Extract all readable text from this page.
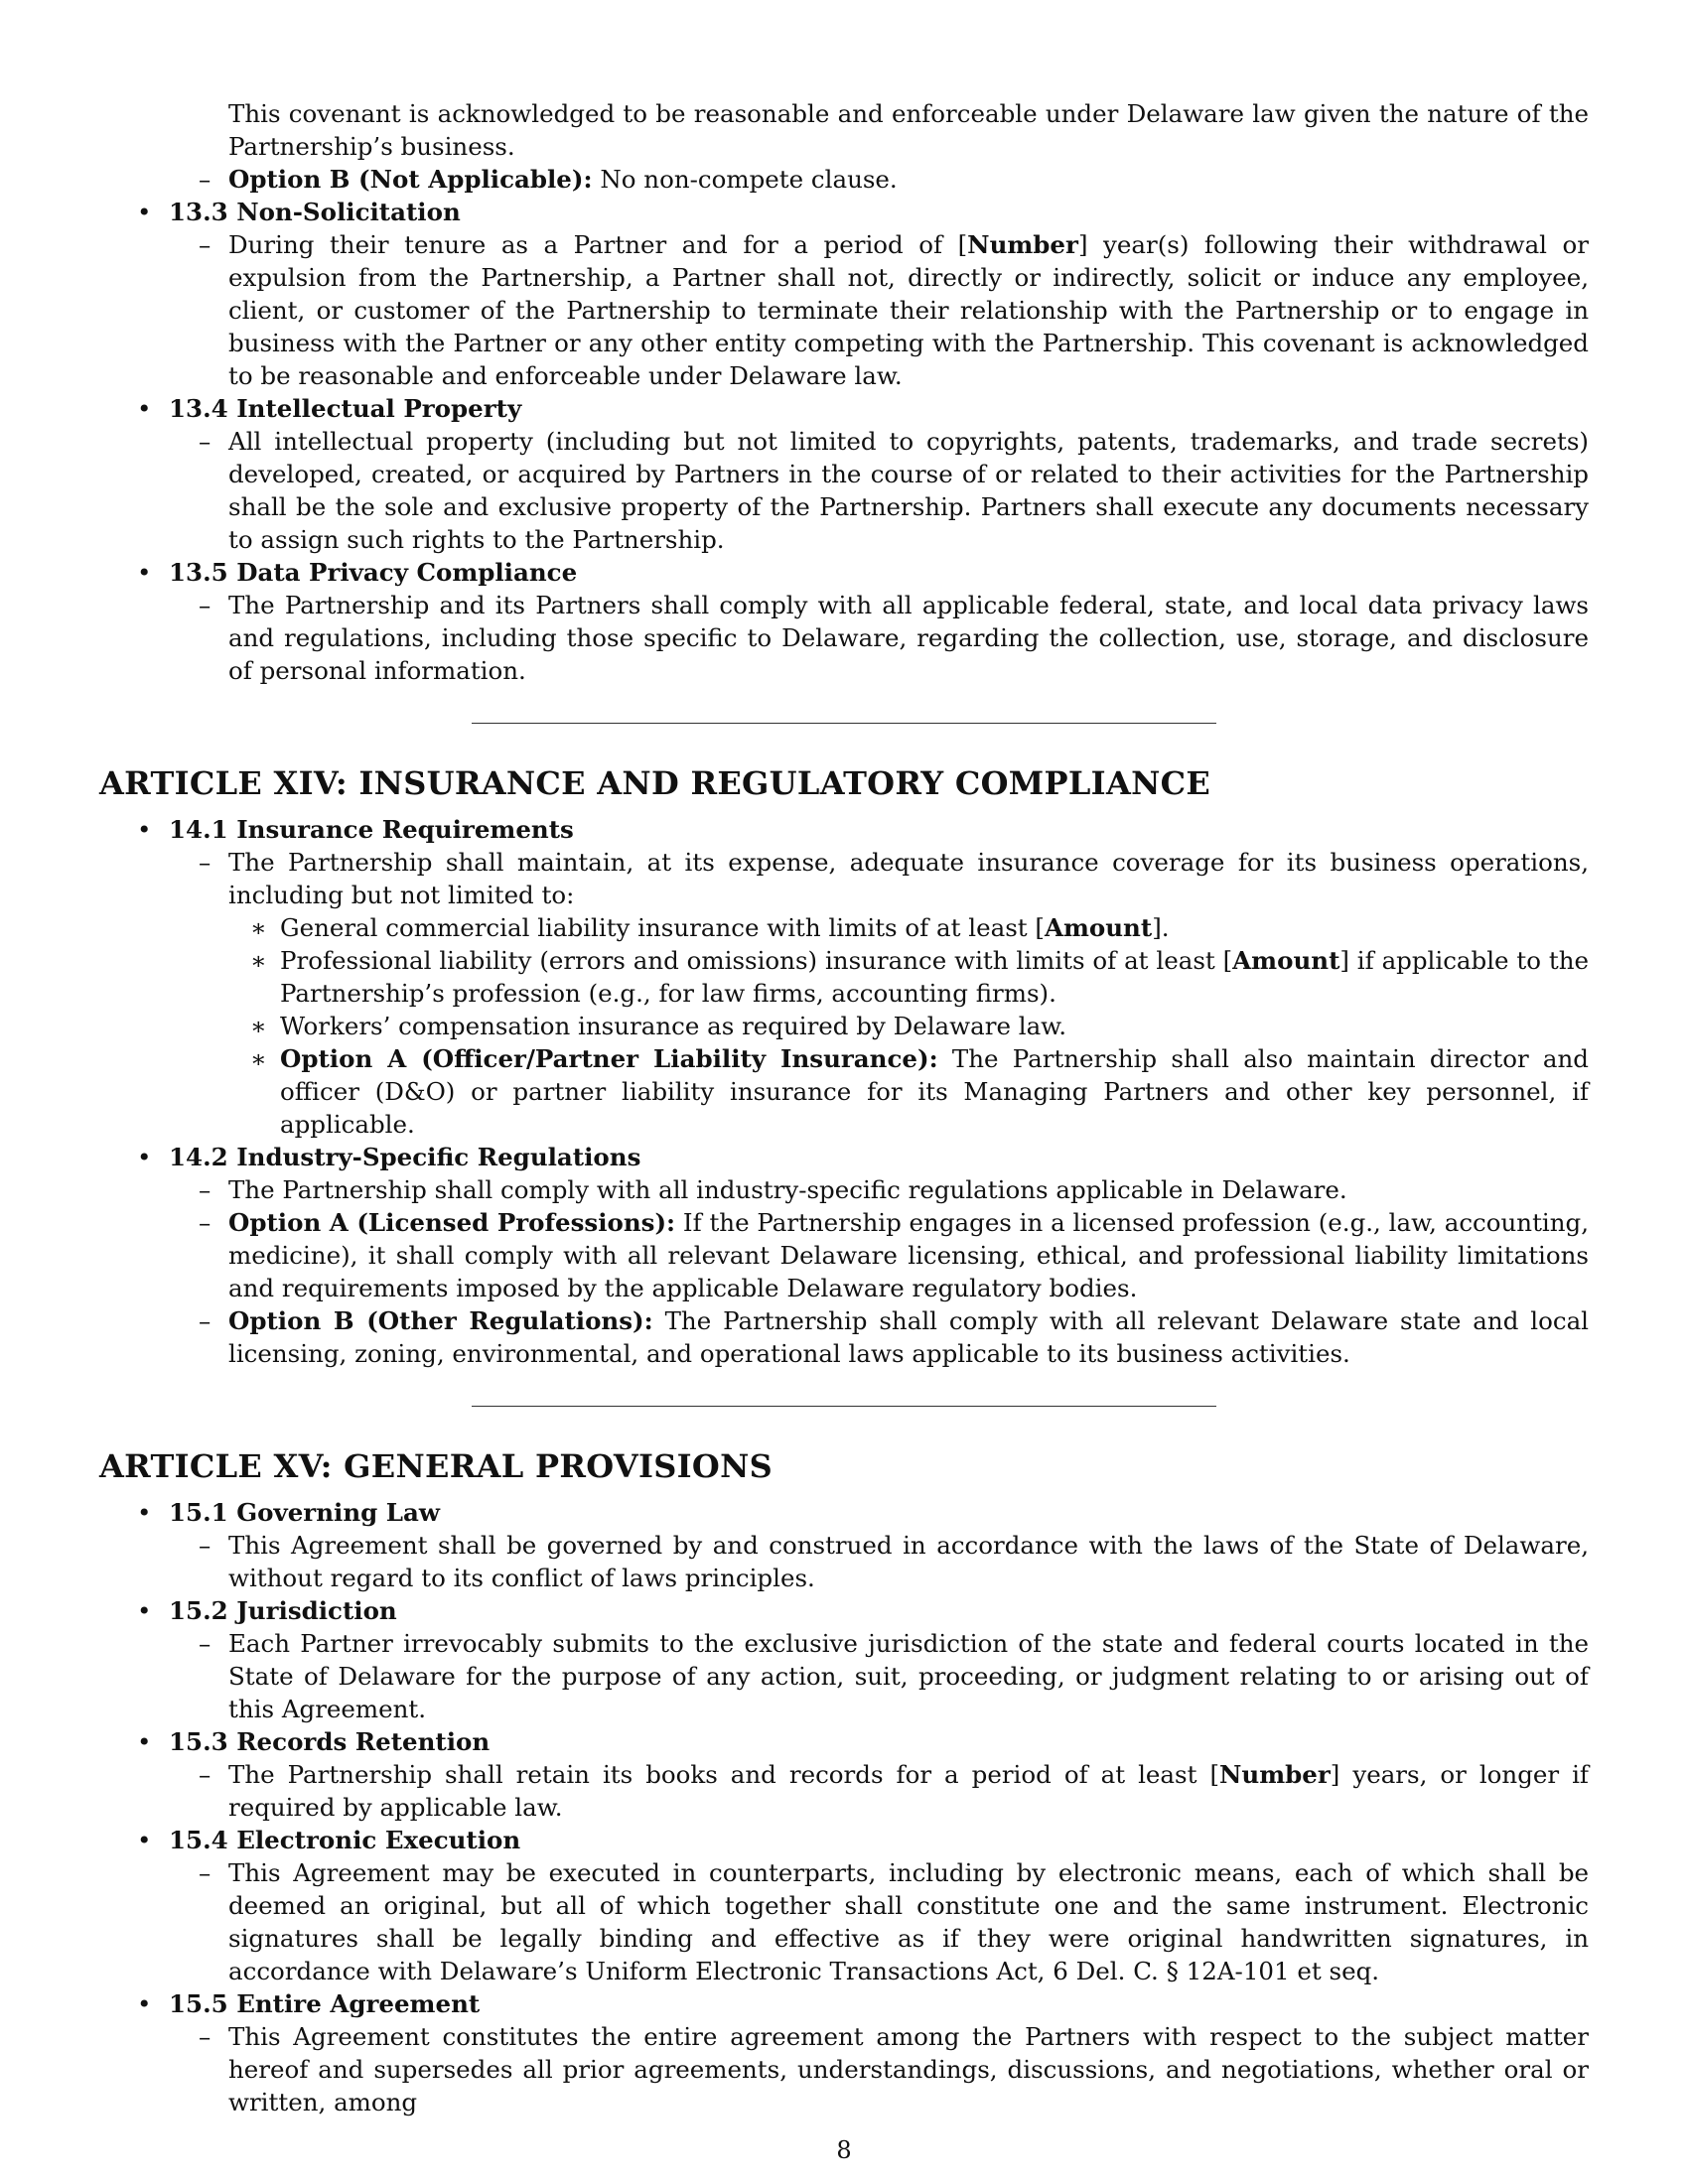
This covenant is acknowledged to be reasonable and enforceable under Delaware law given the nature of the Partnership’s business.
– Option B (Not Applicable): No non-compete clause.
• 13.3 Non-Solicitation
– During their tenure as a Partner and for a period of [Number] year(s) following their withdrawal or expulsion from the Partnership, a Partner shall not, directly or indirectly, solicit or induce any employee, client, or customer of the Partnership to terminate their relationship with the Partnership or to engage in business with the Partner or any other entity competing with the Partnership. This covenant is acknowledged to be reasonable and enforceable under Delaware law.
• 13.4 Intellectual Property
– All intellectual property (including but not limited to copyrights, patents, trademarks, and trade secrets) developed, created, or acquired by Partners in the course of or related to their activities for the Partnership shall be the sole and exclusive property of the Partnership. Partners shall execute any documents necessary to assign such rights to the Partnership.
• 13.5 Data Privacy Compliance
– The Partnership and its Partners shall comply with all applicable federal, state, and local data privacy laws and regulations, including those specific to Delaware, regarding the collection, use, storage, and disclosure of personal information.
ARTICLE XIV: INSURANCE AND REGULATORY COMPLIANCE
• 14.1 Insurance Requirements
– The Partnership shall maintain, at its expense, adequate insurance coverage for its business operations, including but not limited to:
∗ General commercial liability insurance with limits of at least [Amount].
∗ Professional liability (errors and omissions) insurance with limits of at least [Amount] if applicable to the Partnership’s profession (e.g., for law firms, accounting firms).
∗ Workers’ compensation insurance as required by Delaware law.
∗ Option A (Officer/Partner Liability Insurance): The Partnership shall also maintain director and officer (D&O) or partner liability insurance for its Managing Partners and other key personnel, if applicable.
• 14.2 Industry-Specific Regulations
– The Partnership shall comply with all industry-specific regulations applicable in Delaware.
– Option A (Licensed Professions): If the Partnership engages in a licensed profession (e.g., law, accounting, medicine), it shall comply with all relevant Delaware licensing, ethical, and professional liability limitations and requirements imposed by the applicable Delaware regulatory bodies.
– Option B (Other Regulations): The Partnership shall comply with all relevant Delaware state and local licensing, zoning, environmental, and operational laws applicable to its business activities.
ARTICLE XV: GENERAL PROVISIONS
• 15.1 Governing Law
– This Agreement shall be governed by and construed in accordance with the laws of the State of Delaware, without regard to its conflict of laws principles.
• 15.2 Jurisdiction
– Each Partner irrevocably submits to the exclusive jurisdiction of the state and federal courts located in the State of Delaware for the purpose of any action, suit, proceeding, or judgment relating to or arising out of this Agreement.
• 15.3 Records Retention
– The Partnership shall retain its books and records for a period of at least [Number] years, or longer if required by applicable law.
• 15.4 Electronic Execution
– This Agreement may be executed in counterparts, including by electronic means, each of which shall be deemed an original, but all of which together shall constitute one and the same instrument. Electronic signatures shall be legally binding and effective as if they were original handwritten signatures, in accordance with Delaware’s Uniform Electronic Transactions Act, 6 Del. C. § 12A-101 et seq.
• 15.5 Entire Agreement
– This Agreement constitutes the entire agreement among the Partners with respect to the subject matter hereof and supersedes all prior agreements, understandings, discussions, and negotiations, whether oral or written, among
8
